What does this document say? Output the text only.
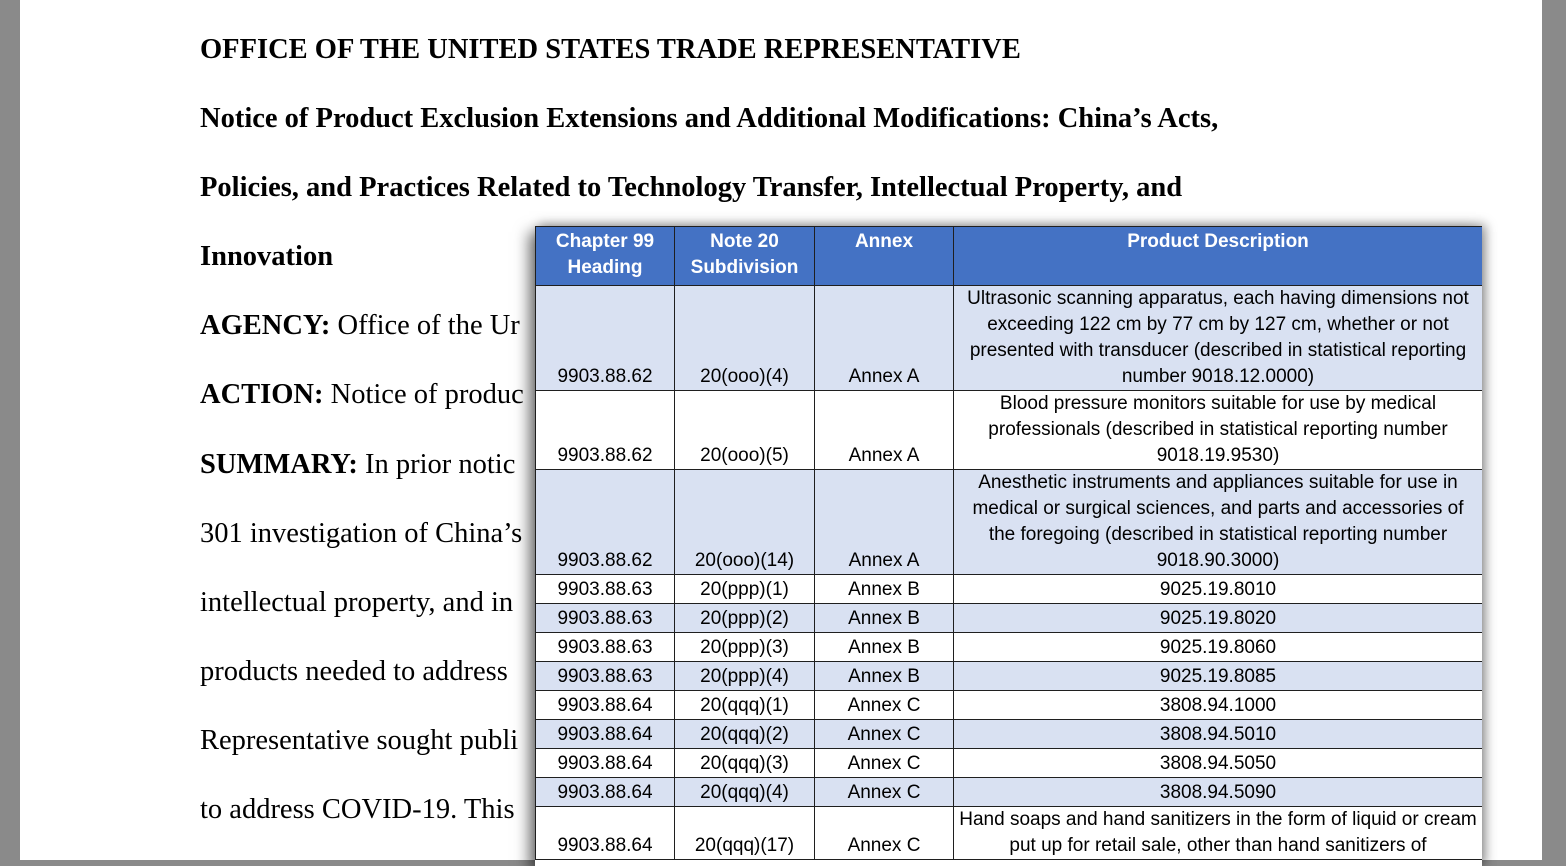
OFFICE OF THE UNITED STATES TRADE REPRESENTATIVE
Notice of Product Exclusion Extensions and Additional Modifications: China’s Acts,
Policies, and Practices Related to Technology Transfer, Intellectual Property, and
Innovation
AGENCY: Office of the Ur
ACTION: Notice of produc
SUMMARY: In prior notic
301 investigation of China’s
intellectual property, and in
products needed to address
Representative sought publi
to address COVID-19. This
Chapter 99 Heading	Note 20 Subdivision	Annex	Product Description
9903.88.62	20(ooo)(4)	Annex A	Ultrasonic scanning apparatus, each having dimensions not exceeding 122 cm by 77 cm by 127 cm, whether or not presented with transducer (described in statistical reporting number 9018.12.0000)
9903.88.62	20(ooo)(5)	Annex A	Blood pressure monitors suitable for use by medical professionals (described in statistical reporting number 9018.19.9530)
9903.88.62	20(ooo)(14)	Annex A	Anesthetic instruments and appliances suitable for use in medical or surgical sciences, and parts and accessories of the foregoing (described in statistical reporting number 9018.90.3000)
9903.88.63	20(ppp)(1)	Annex B	9025.19.8010
9903.88.63	20(ppp)(2)	Annex B	9025.19.8020
9903.88.63	20(ppp)(3)	Annex B	9025.19.8060
9903.88.63	20(ppp)(4)	Annex B	9025.19.8085
9903.88.64	20(qqq)(1)	Annex C	3808.94.1000
9903.88.64	20(qqq)(2)	Annex C	3808.94.5010
9903.88.64	20(qqq)(3)	Annex C	3808.94.5050
9903.88.64	20(qqq)(4)	Annex C	3808.94.5090
9903.88.64	20(qqq)(17)	Annex C	Hand soaps and hand sanitizers in the form of liquid or cream put up for retail sale, other than hand sanitizers of
